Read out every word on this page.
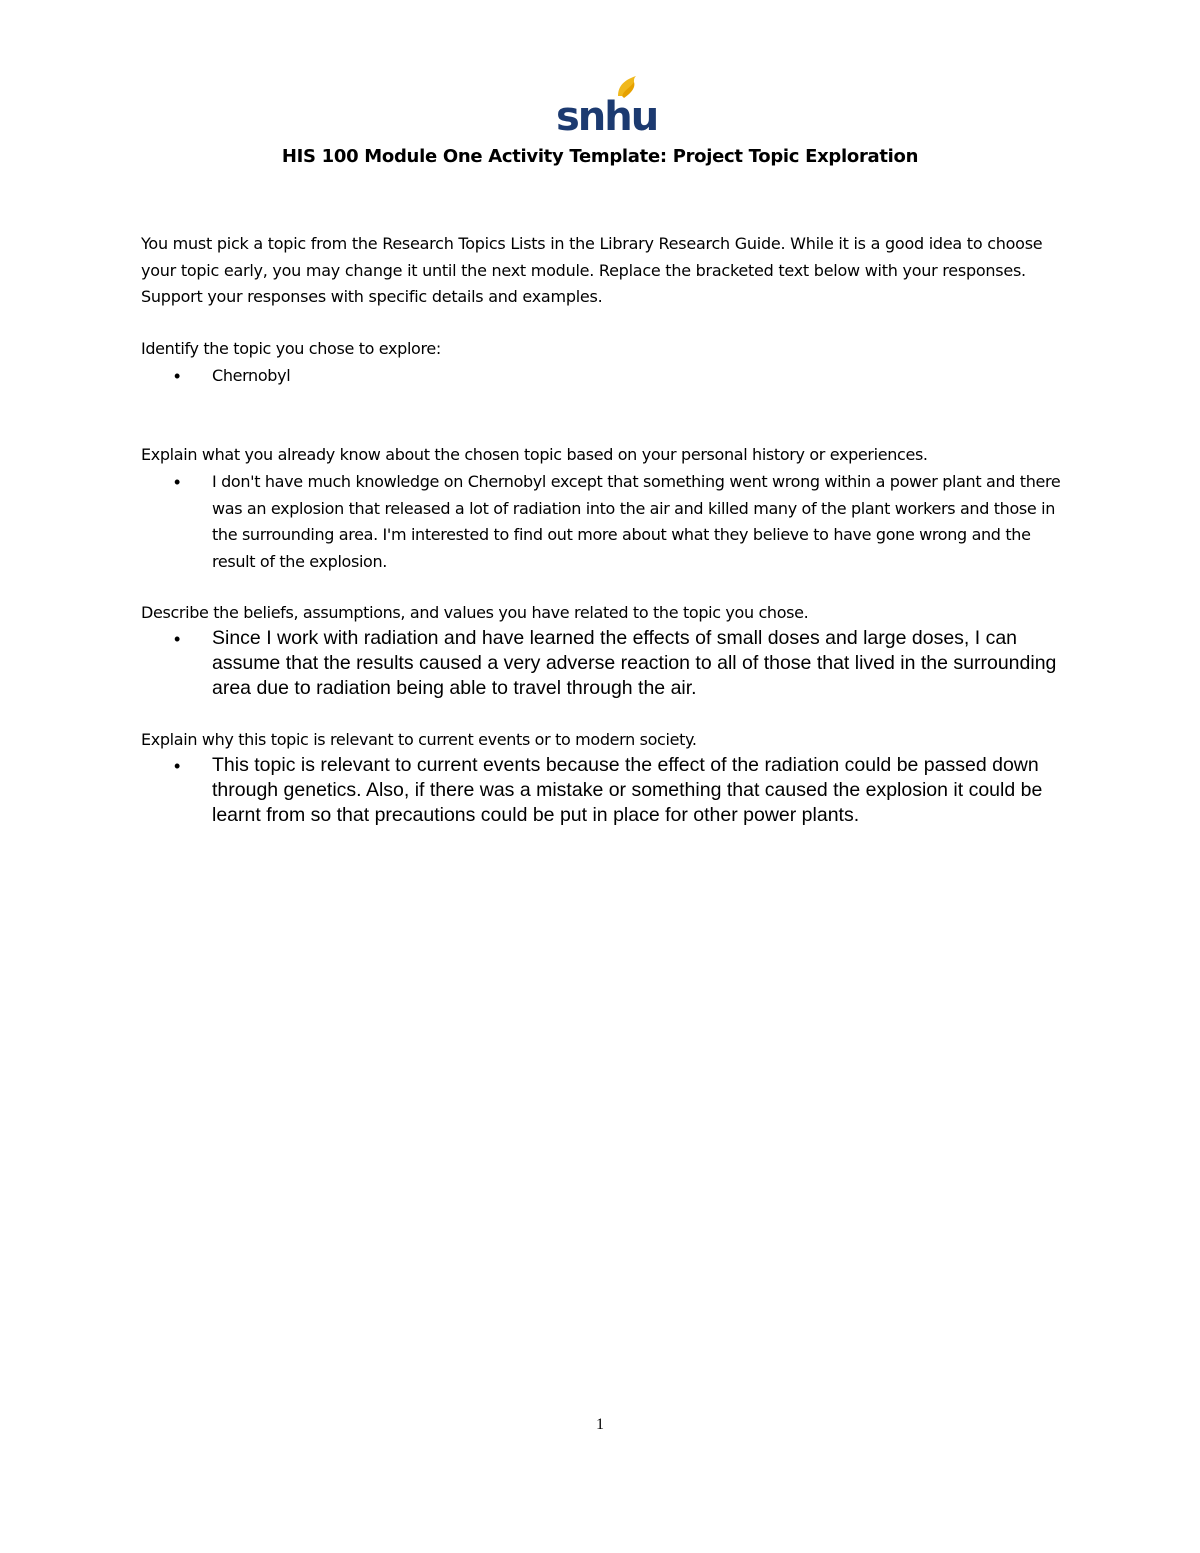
snhu
HIS 100 Module One Activity Template: Project Topic Exploration
You must pick a topic from the Research Topics Lists in the Library Research Guide. While it is a good idea to choose your topic early, you may change it until the next module. Replace the bracketed text below with your responses. Support your responses with specific details and examples.
Identify the topic you chose to explore:
• Chernobyl
Explain what you already know about the chosen topic based on your personal history or experiences.
• I don't have much knowledge on Chernobyl except that something went wrong within a power plant and there was an explosion that released a lot of radiation into the air and killed many of the plant workers and those in the surrounding area. I'm interested to find out more about what they believe to have gone wrong and the result of the explosion.
Describe the beliefs, assumptions, and values you have related to the topic you chose.
• Since I work with radiation and have learned the effects of small doses and large doses, I can assume that the results caused a very adverse reaction to all of those that lived in the surrounding area due to radiation being able to travel through the air.
Explain why this topic is relevant to current events or to modern society.
• This topic is relevant to current events because the effect of the radiation could be passed down through genetics. Also, if there was a mistake or something that caused the explosion it could be learnt from so that precautions could be put in place for other power plants.
1
